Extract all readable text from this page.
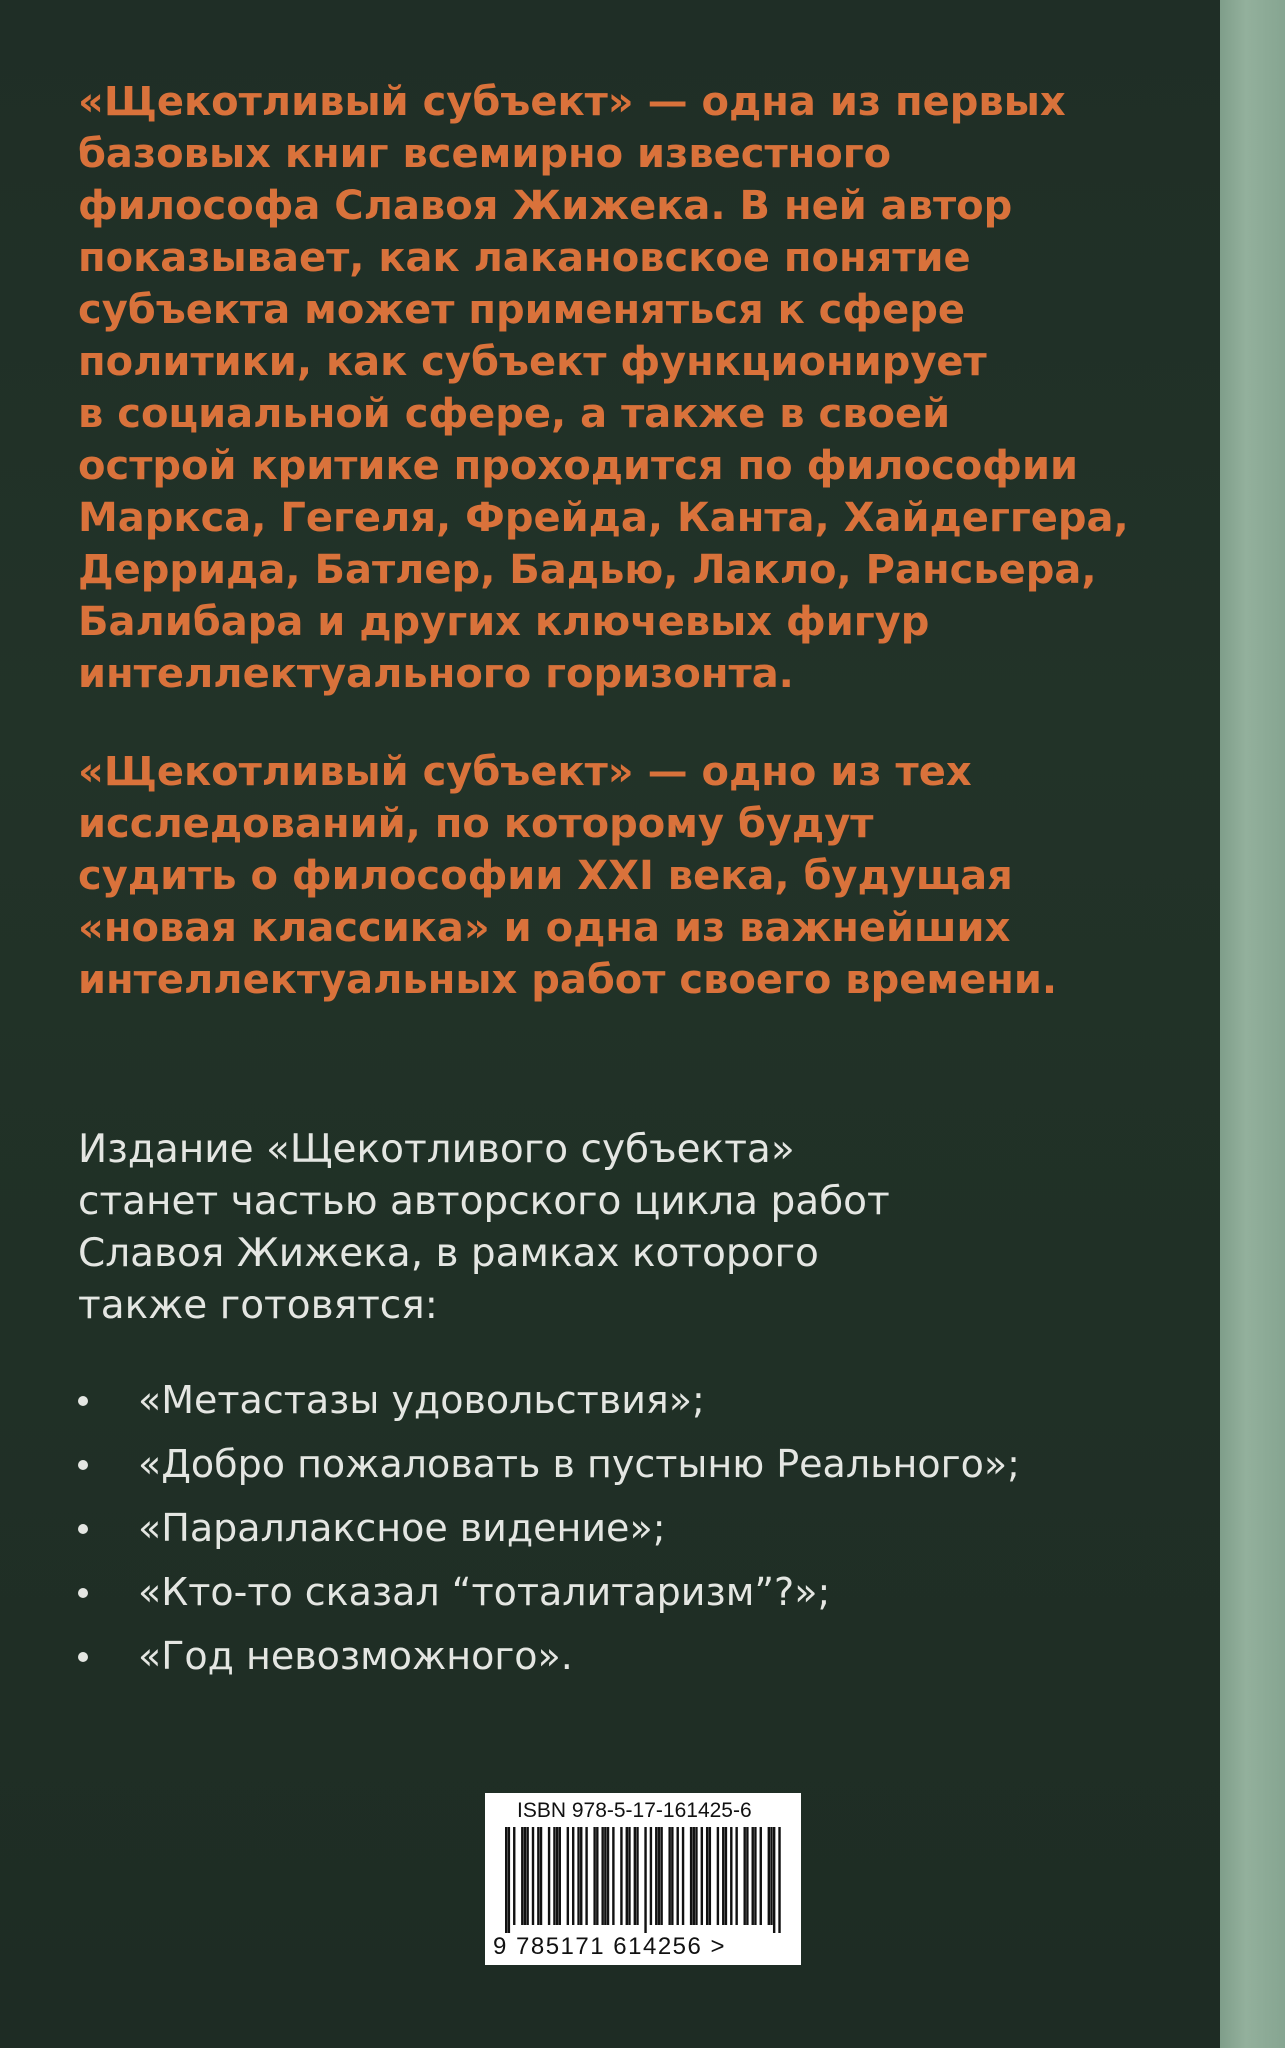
«Щекотливый субъект» — одна из первых
базовых книг всемирно известного
философа Славоя Жижека. В ней автор
показывает, как лакановское понятие
субъекта может применяться к сфере
политики, как субъект функционирует
в социальной сфере, а также в своей
острой критике проходится по философии
Маркса, Гегеля, Фрейда, Канта, Хайдеггера,
Деррида, Батлер, Бадью, Лакло, Рансьера,
Балибара и других ключевых фигур
интеллектуального горизонта.

«Щекотливый субъект» — одно из тех
исследований, по которому будут
судить о философии XXI века, будущая
«новая классика» и одна из важнейших
интеллектуальных работ своего времени.

Издание «Щекотливого субъекта»
станет частью авторского цикла работ
Славоя Жижека, в рамках которого
также готовятся:

«Метастазы удовольствия»;
«Добро пожаловать в пустыню Реального»;
«Параллаксное видение»;
«Кто-то сказал “тоталитаризм”?»;
«Год невозможного».
ISBN 978-5-17-161425-6
9 785171 614256 >
